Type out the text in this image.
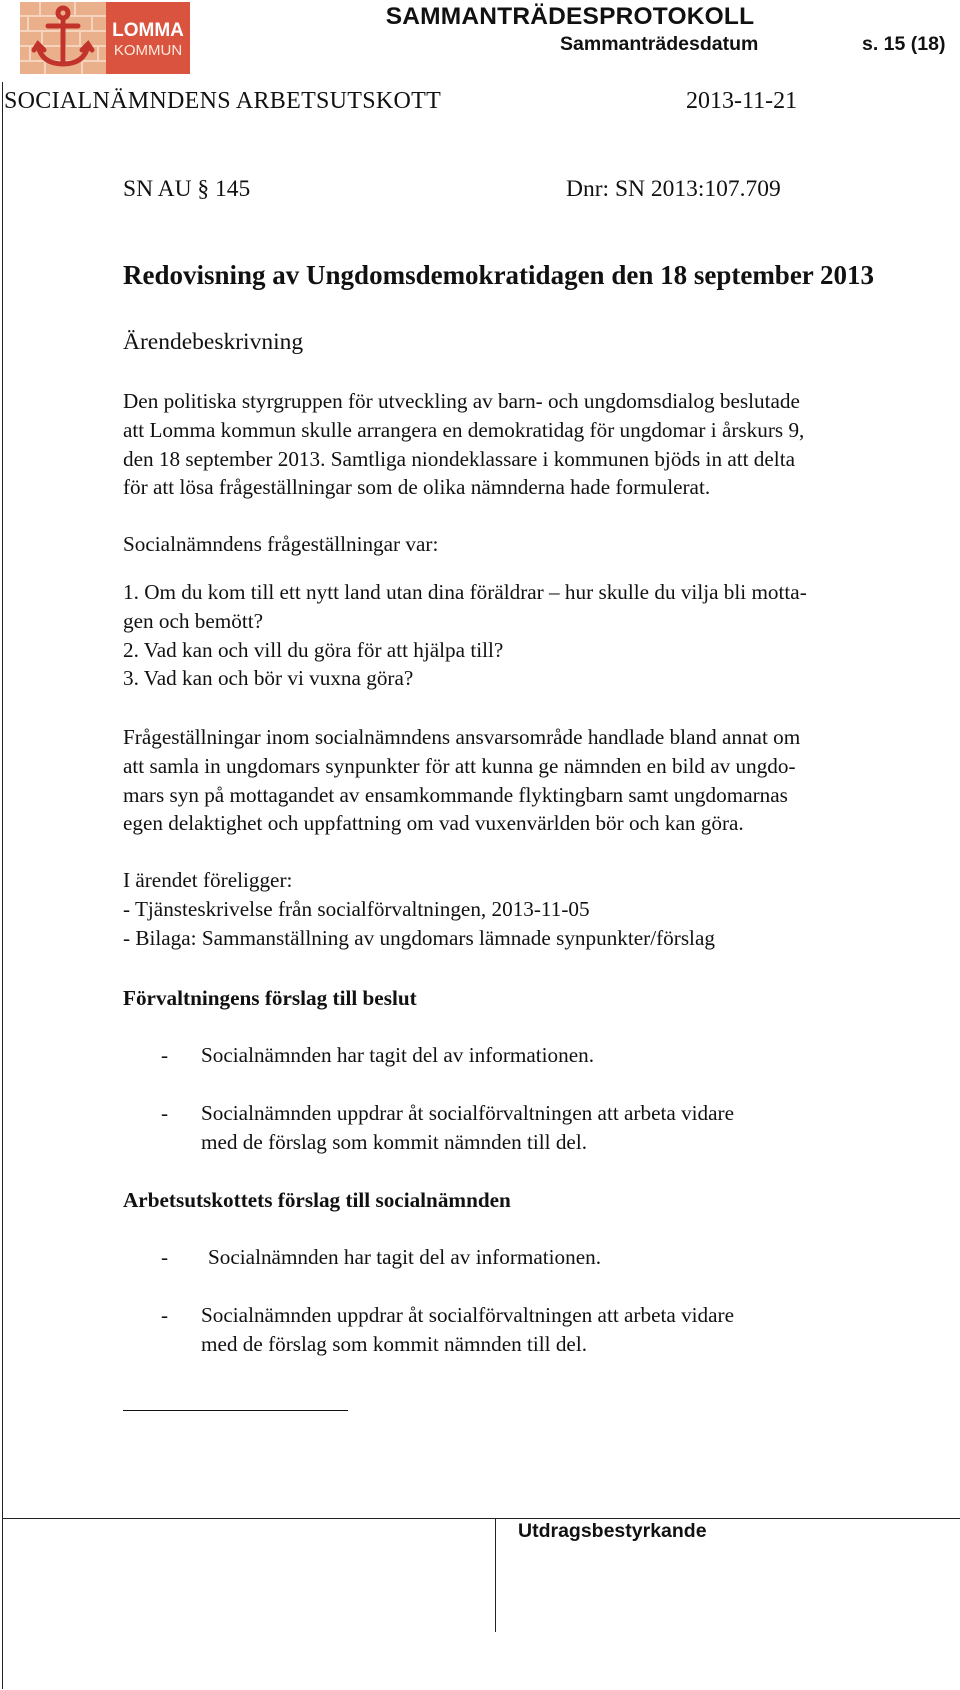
LOMMA
KOMMUN
SAMMANTRÄDESPROTOKOLL
Sammanträdesdatum	s. 15 (18)
SOCIALNÄMNDENS ARBETSUTSKOTT	2013-11-21
SN AU § 145	Dnr: SN 2013:107.709
Redovisning av Ungdomsdemokratidagen den 18 september 2013
Ärendebeskrivning
Den politiska styrgruppen för utveckling av barn- och ungdomsdialog beslutade
att Lomma kommun skulle arrangera en demokratidag för ungdomar i årskurs 9,
den 18 september 2013. Samtliga niondeklassare i kommunen bjöds in att delta
för att lösa frågeställningar som de olika nämnderna hade formulerat.
Socialnämndens frågeställningar var:
1. Om du kom till ett nytt land utan dina föräldrar – hur skulle du vilja bli motta-
gen och bemött?
2. Vad kan och vill du göra för att hjälpa till?
3. Vad kan och bör vi vuxna göra?
Frågeställningar inom socialnämndens ansvarsområde handlade bland annat om
att samla in ungdomars synpunkter för att kunna ge nämnden en bild av ungdo-
mars syn på mottagandet av ensamkommande flyktingbarn samt ungdomarnas
egen delaktighet och uppfattning om vad vuxenvärlden bör och kan göra.
I ärendet föreligger:
- Tjänsteskrivelse från socialförvaltningen, 2013-11-05
- Bilaga: Sammanställning av ungdomars lämnade synpunkter/förslag
Förvaltningens förslag till beslut
- Socialnämnden har tagit del av informationen.
- Socialnämnden uppdrar åt socialförvaltningen att arbeta vidare
med de förslag som kommit nämnden till del.
Arbetsutskottets förslag till socialnämnden
- Socialnämnden har tagit del av informationen.
- Socialnämnden uppdrar åt socialförvaltningen att arbeta vidare
med de förslag som kommit nämnden till del.
Utdragsbestyrkande
